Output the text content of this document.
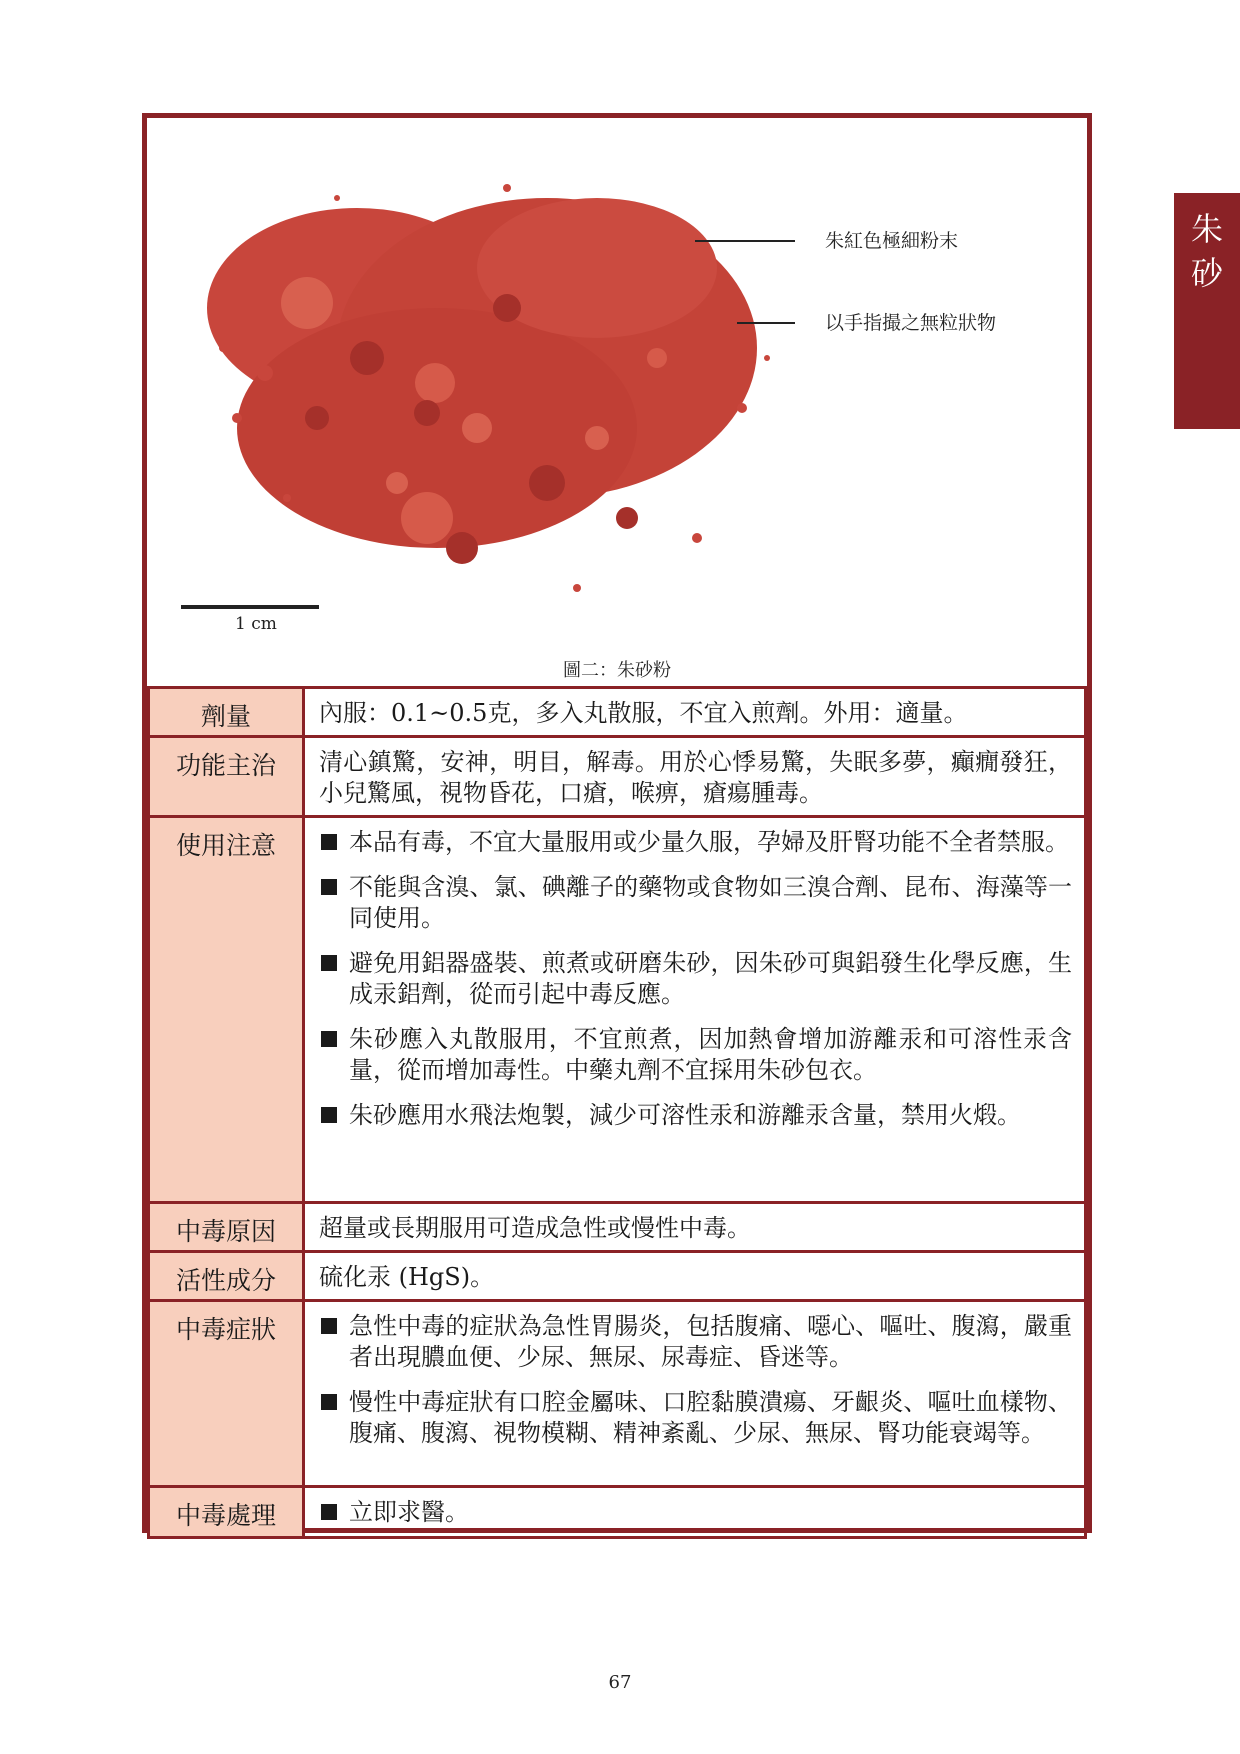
朱
砂
朱紅色極細粉末
以手指撮之無粒狀物
1 cm
圖二：朱砂粉
劑量	內服：0.1~0.5克，多入丸散服，不宜入煎劑。外用：適量。
功能主治	清心鎮驚，安神，明目，解毒。用於心悸易驚，失眠多夢，癲癇發狂，小兒驚風，視物昏花，口瘡，喉痹，瘡瘍腫毒。
使用注意	本品有毒，不宜大量服用或少量久服，孕婦及肝腎功能不全者禁服。
不能與含溴、氯、碘離子的藥物或食物如三溴合劑、昆布、海藻等一同使用。
避免用鋁器盛裝、煎煮或研磨朱砂，因朱砂可與鋁發生化學反應，生成汞鋁劑，從而引起中毒反應。
朱砂應入丸散服用，不宜煎煮，因加熱會增加游離汞和可溶性汞含量，從而增加毒性。中藥丸劑不宜採用朱砂包衣。
朱砂應用水飛法炮製，減少可溶性汞和游離汞含量，禁用火煅。

中毒原因	超量或長期服用可造成急性或慢性中毒。
活性成分	硫化汞 (HgS)。
中毒症狀	急性中毒的症狀為急性胃腸炎，包括腹痛、噁心、嘔吐、腹瀉，嚴重者出現膿血便、少尿、無尿、尿毒症、昏迷等。
慢性中毒症狀有口腔金屬味、口腔黏膜潰瘍、牙齦炎、嘔吐血樣物、腹痛、腹瀉、視物模糊、精神紊亂、少尿、無尿、腎功能衰竭等。

中毒處理	立即求醫。
67
